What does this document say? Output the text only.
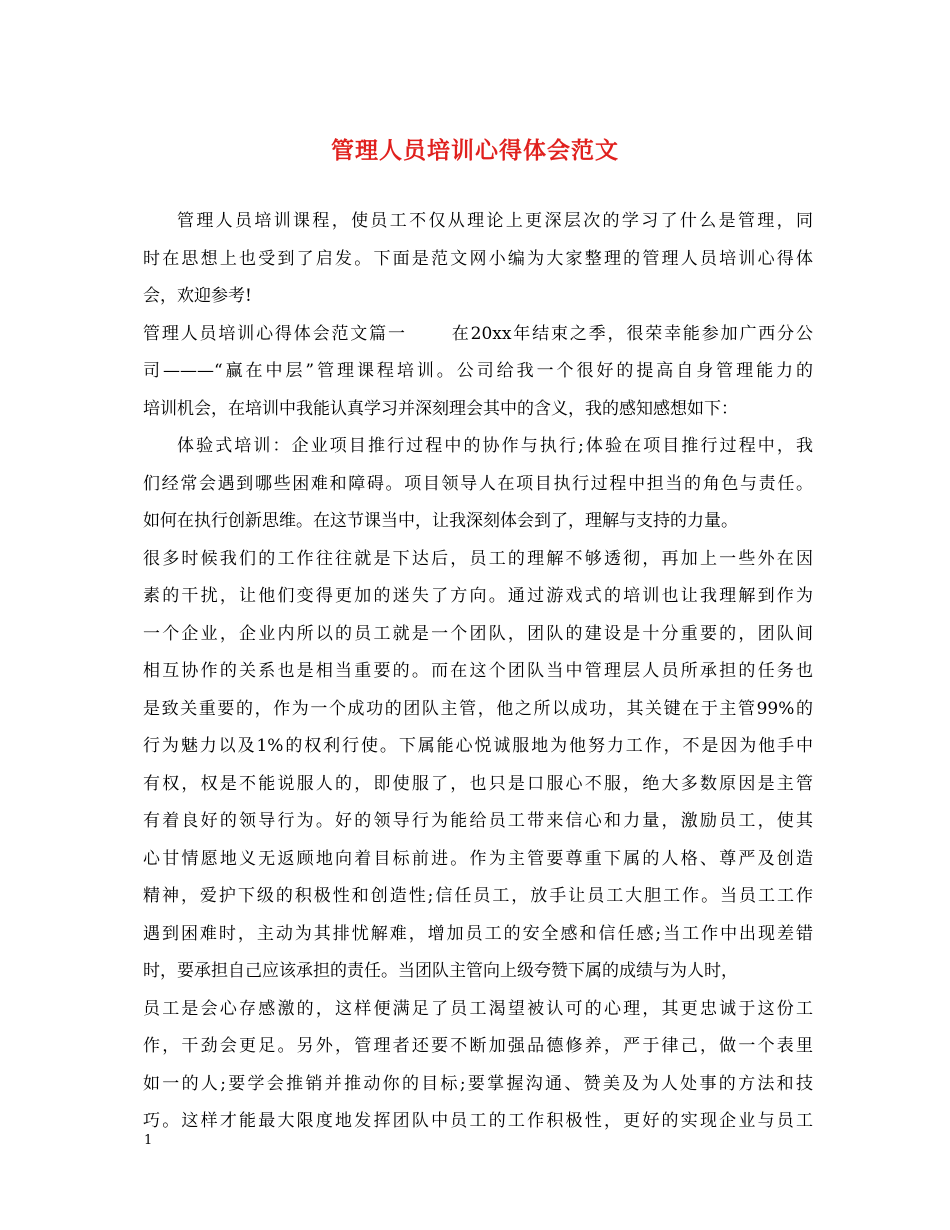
管理人员培训心得体会范文
管理人员培训课程，使员工不仅从理论上更深层次的学习了什么是管理，同
时在思想上也受到了启发。下面是范文网小编为大家整理的管理人员培训心得体
会，欢迎参考!
管理人员培训心得体会范文篇一　　 在20xx年结束之季，很荣幸能参加广西分公
司———“赢在中层”管理课程培训。公司给我一个很好的提高自身管理能力的
培训机会，在培训中我能认真学习并深刻理会其中的含义，我的感知感想如下：
体验式培训：企业项目推行过程中的协作与执行;体验在项目推行过程中，我
们经常会遇到哪些困难和障碍。项目领导人在项目执行过程中担当的角色与责任。
如何在执行创新思维。在这节课当中，让我深刻体会到了，理解与支持的力量。
很多时候我们的工作往往就是下达后，员工的理解不够透彻，再加上一些外在因
素的干扰，让他们变得更加的迷失了方向。通过游戏式的培训也让我理解到作为
一个企业，企业内所以的员工就是一个团队，团队的建设是十分重要的，团队间
相互协作的关系也是相当重要的。而在这个团队当中管理层人员所承担的任务也
是致关重要的，作为一个成功的团队主管，他之所以成功，其关键在于主管99%的
行为魅力以及1%的权利行使。下属能心悦诚服地为他努力工作，不是因为他手中
有权，权是不能说服人的，即使服了，也只是口服心不服，绝大多数原因是主管
有着良好的领导行为。好的领导行为能给员工带来信心和力量，激励员工，使其
心甘情愿地义无返顾地向着目标前进。作为主管要尊重下属的人格、尊严及创造
精神，爱护下级的积极性和创造性;信任员工，放手让员工大胆工作。当员工工作
遇到困难时，主动为其排忧解难，增加员工的安全感和信任感;当工作中出现差错
时，要承担自己应该承担的责任。当团队主管向上级夸赞下属的成绩与为人时，
员工是会心存感激的，这样便满足了员工渴望被认可的心理，其更忠诚于这份工
作，干劲会更足。另外，管理者还要不断加强品德修养，严于律己，做一个表里
如一的人;要学会推销并推动你的目标;要掌握沟通、赞美及为人处事的方法和技
巧。这样才能最大限度地发挥团队中员工的工作积极性，更好的实现企业与员工
1
